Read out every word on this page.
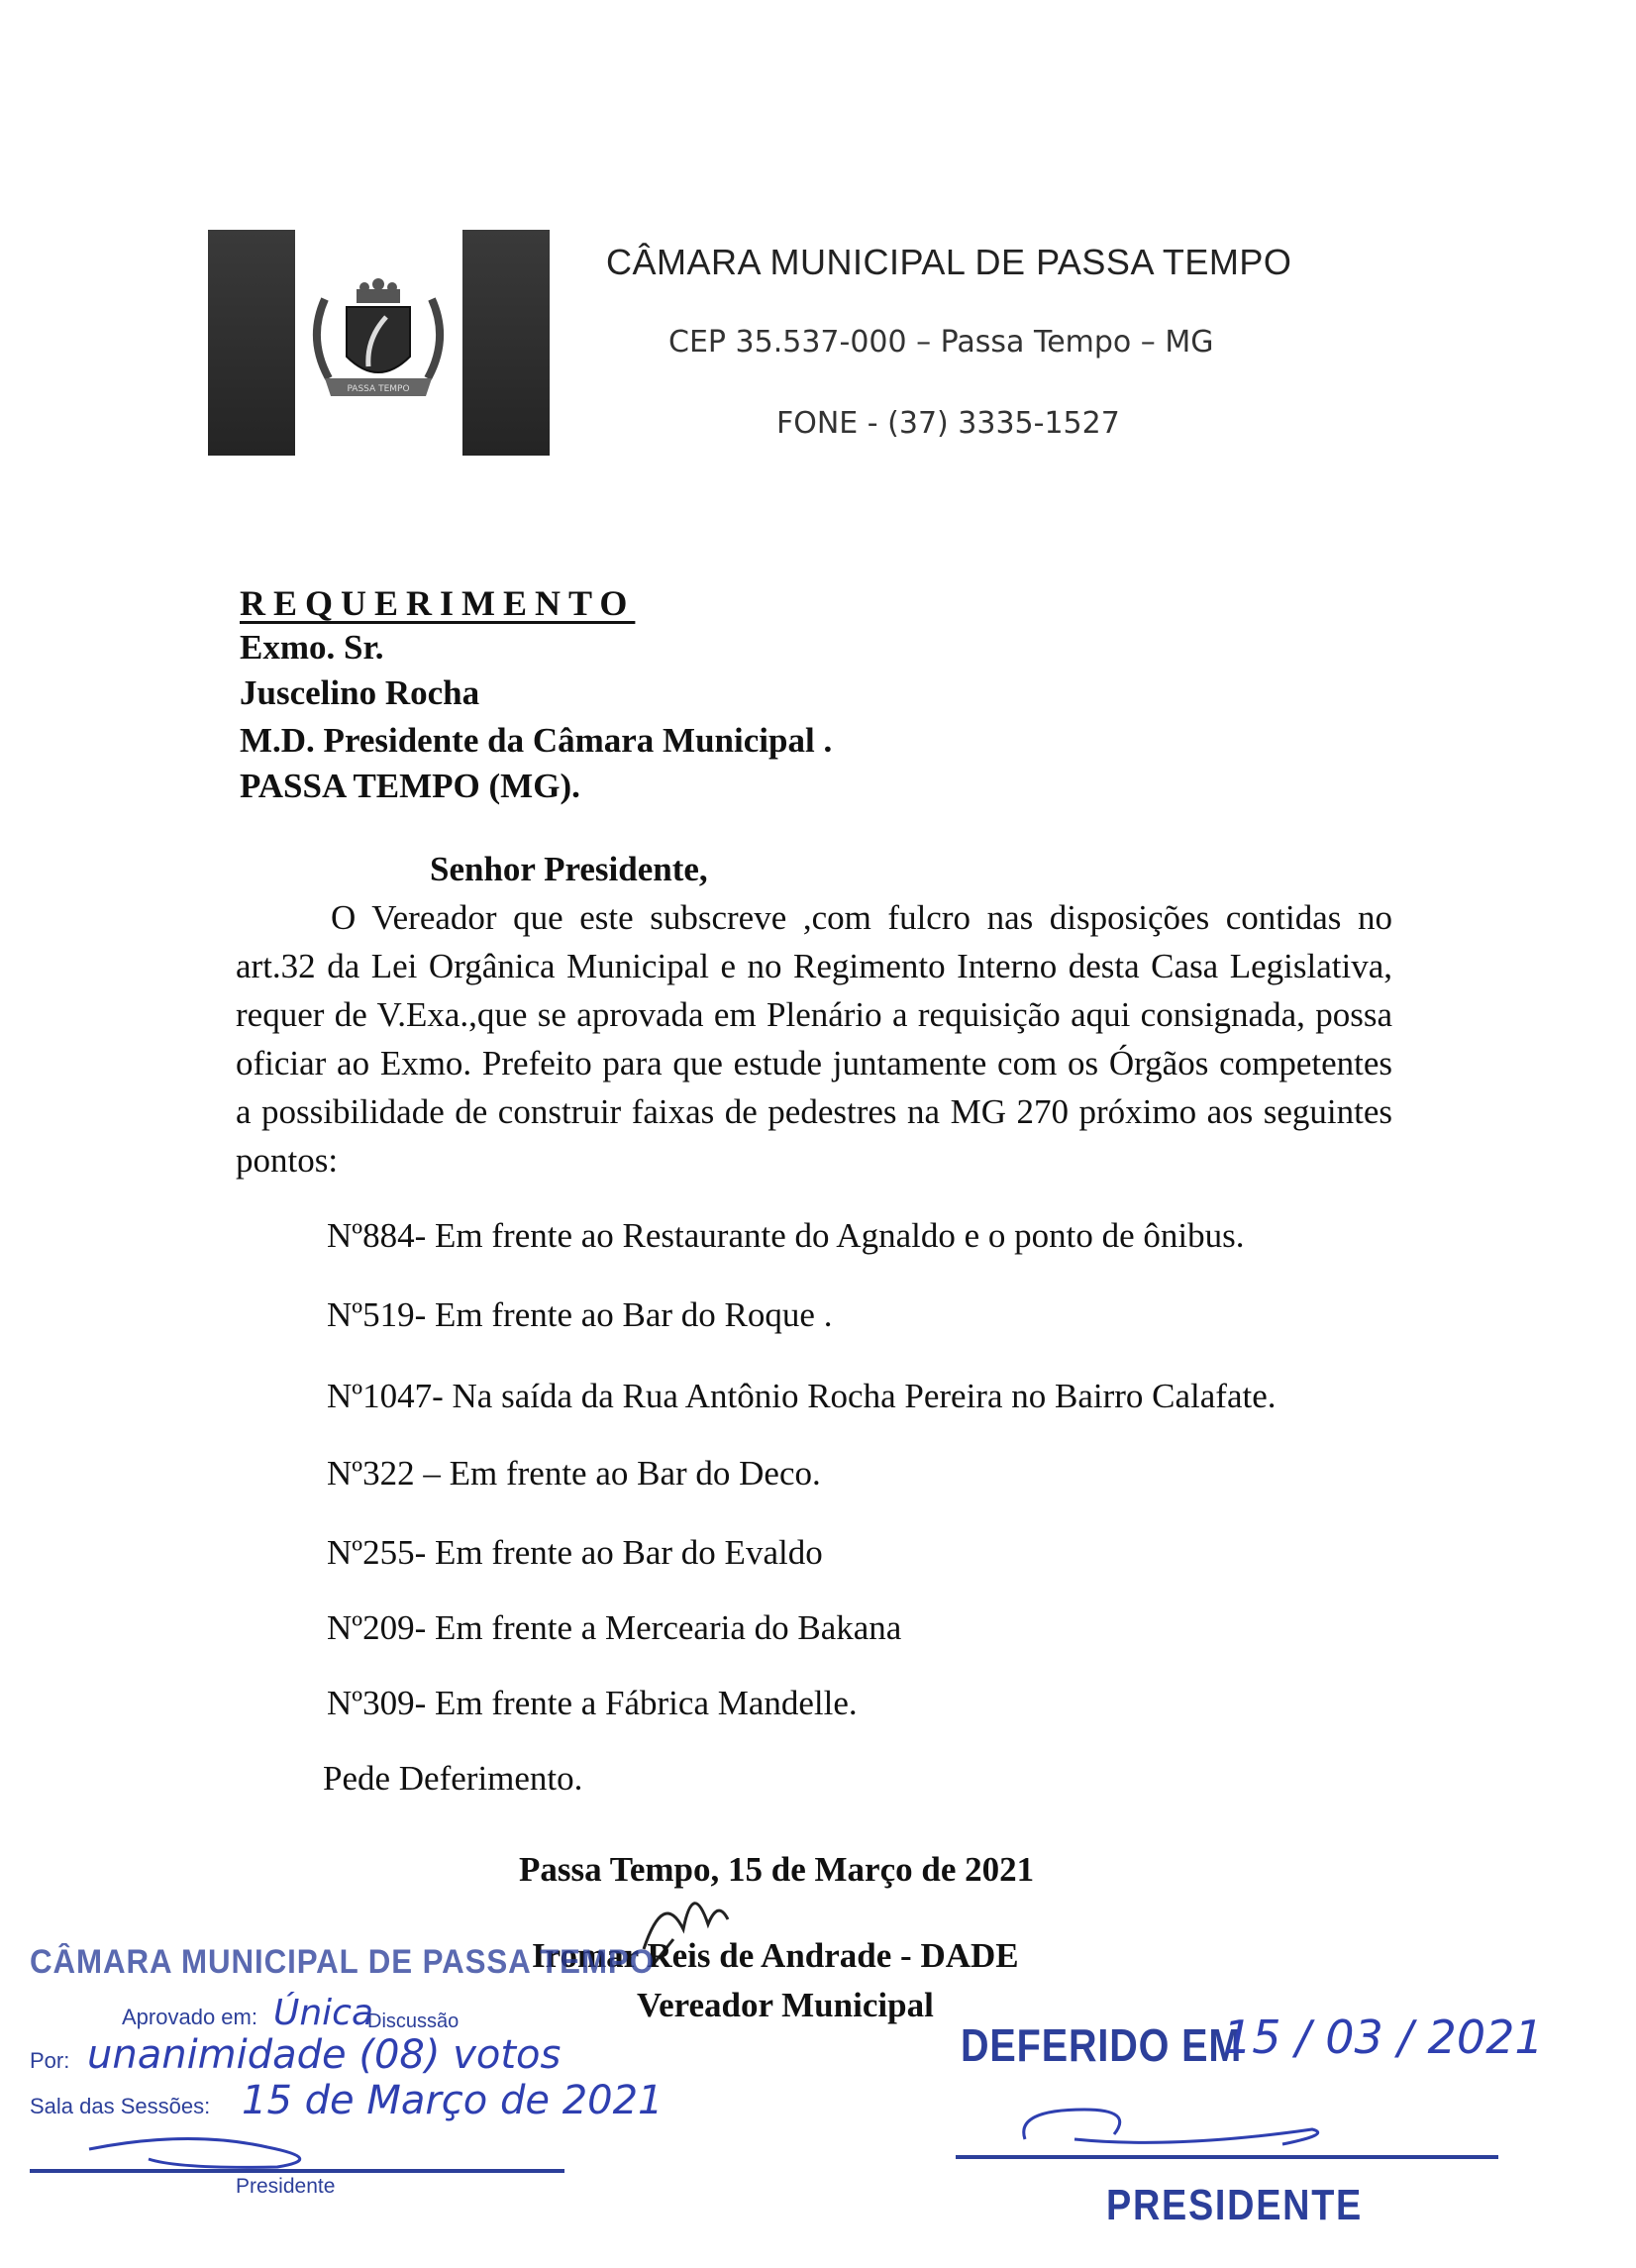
PASSA TEMPO
CÂMARA MUNICIPAL DE PASSA TEMPO
CEP 35.537-000 – Passa Tempo – MG
FONE - (37) 3335-1527
REQUERIMENTO
Exmo. Sr.
Juscelino Rocha
M.D. Presidente da Câmara Municipal .
PASSA TEMPO (MG).
Senhor Presidente,
O Vereador que este subscreve ,com fulcro nas disposições contidas no art.32 da Lei Orgânica Municipal e no Regimento Interno desta Casa Legislativa, requer de V.Exa.,que se aprovada em Plenário a requisição aqui consignada, possa oficiar ao Exmo. Prefeito para que estude juntamente com os Órgãos competentes a possibilidade de construir faixas de pedestres na MG 270 próximo aos seguintes pontos:
Nº884- Em frente ao Restaurante do Agnaldo e o ponto de ônibus.
Nº519- Em frente ao Bar do Roque .
Nº1047- Na saída da Rua Antônio Rocha Pereira no Bairro Calafate.
Nº322 – Em frente ao Bar do Deco.
Nº255- Em frente ao Bar do Evaldo
Nº209- Em frente a Mercearia do Bakana
Nº309- Em frente a Fábrica Mandelle.
Pede Deferimento.
Passa Tempo, 15 de Março de 2021
Iromar Reis de Andrade - DADE
Vereador Municipal
CÂMARA MUNICIPAL DE PASSA TEMPO
Aprovado em: Única
Discussão
Por: unanimidade (08) votos
Sala das Sessões: 15 de Março de 2021
Presidente
DEFERIDO EM
15 / 03 / 2021
PRESIDENTE
